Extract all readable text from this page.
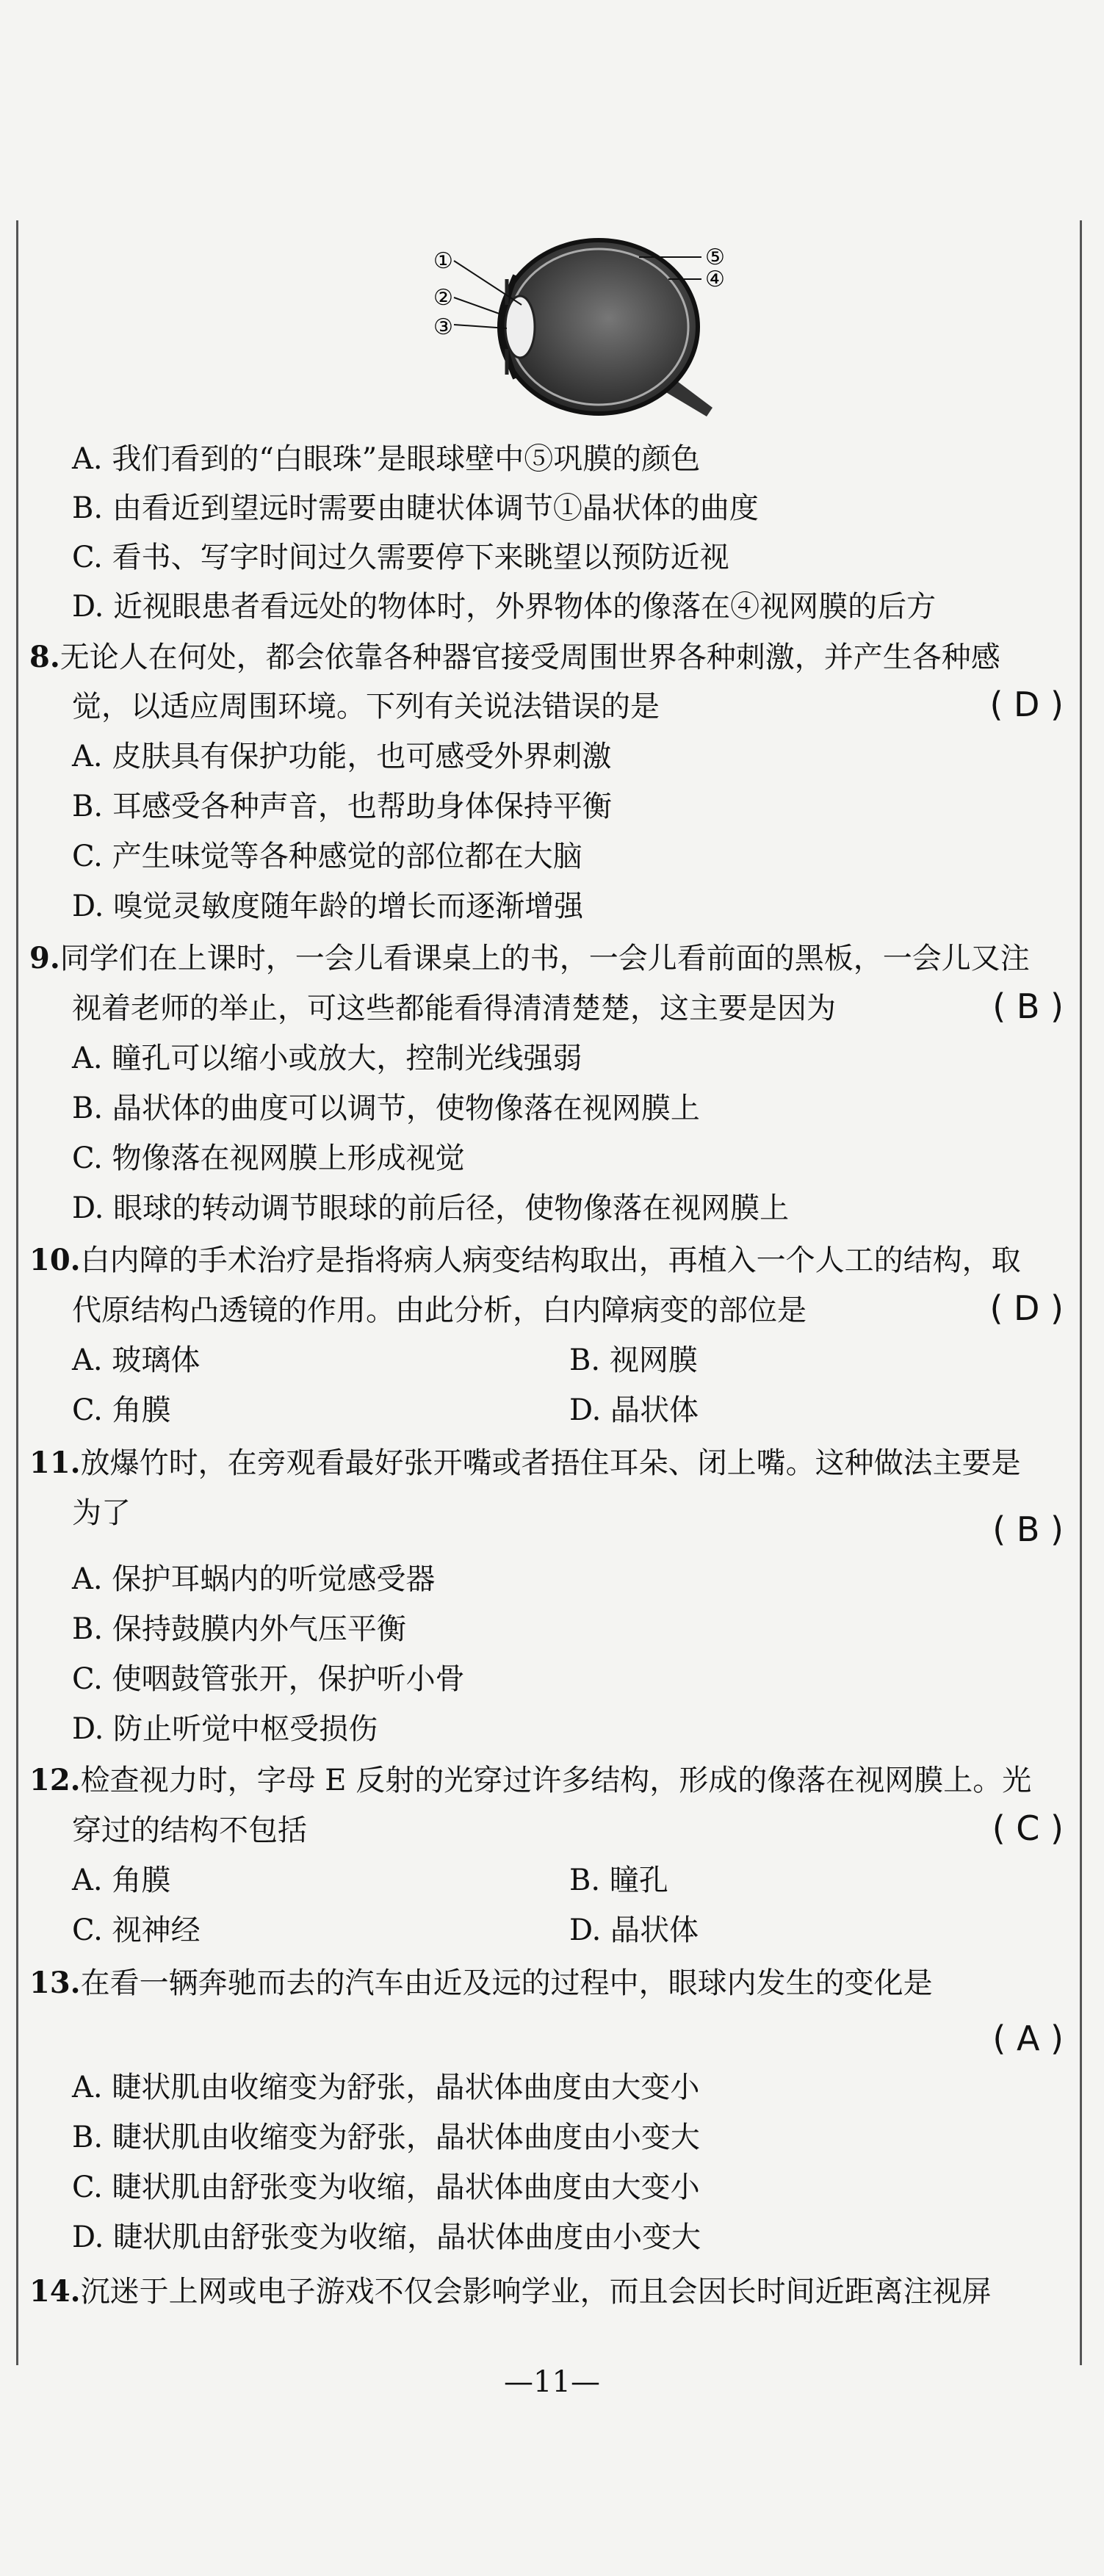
①
②
③
④
⑤
A. 我们看到的“白眼珠”是眼球壁中⑤巩膜的颜色
B. 由看近到望远时需要由睫状体调节①晶状体的曲度
C. 看书、写字时间过久需要停下来眺望以预防近视
D. 近视眼患者看远处的物体时，外界物体的像落在④视网膜的后方
8.无论人在何处，都会依靠各种器官接受周围世界各种刺激，并产生各种感
觉，以适应周围环境。下列有关说法错误的是	( D )
A. 皮肤具有保护功能，也可感受外界刺激
B. 耳感受各种声音，也帮助身体保持平衡
C. 产生味觉等各种感觉的部位都在大脑
D. 嗅觉灵敏度随年龄的增长而逐渐增强
9.同学们在上课时，一会儿看课桌上的书，一会儿看前面的黑板，一会儿又注
视着老师的举止，可这些都能看得清清楚楚，这主要是因为	( B )
A. 瞳孔可以缩小或放大，控制光线强弱
B. 晶状体的曲度可以调节，使物像落在视网膜上
C. 物像落在视网膜上形成视觉
D. 眼球的转动调节眼球的前后径，使物像落在视网膜上
10.白内障的手术治疗是指将病人病变结构取出，再植入一个人工的结构，取
代原结构凸透镜的作用。由此分析，白内障病变的部位是	( D )
A. 玻璃体	B. 视网膜
C. 角膜	D. 晶状体
11.放爆竹时，在旁观看最好张开嘴或者捂住耳朵、闭上嘴。这种做法主要是
为了	( B )
A. 保护耳蜗内的听觉感受器
B. 保持鼓膜内外气压平衡
C. 使咽鼓管张开，保护听小骨
D. 防止听觉中枢受损伤
12.检查视力时，字母 E 反射的光穿过许多结构，形成的像落在视网膜上。光
穿过的结构不包括	( C )
A. 角膜	B. 瞳孔
C. 视神经	D. 晶状体
13.在看一辆奔驰而去的汽车由近及远的过程中，眼球内发生的变化是
( A )
A. 睫状肌由收缩变为舒张，晶状体曲度由大变小
B. 睫状肌由收缩变为舒张，晶状体曲度由小变大
C. 睫状肌由舒张变为收缩，晶状体曲度由大变小
D. 睫状肌由舒张变为收缩，晶状体曲度由小变大
14.沉迷于上网或电子游戏不仅会影响学业，而且会因长时间近距离注视屏
—11—
